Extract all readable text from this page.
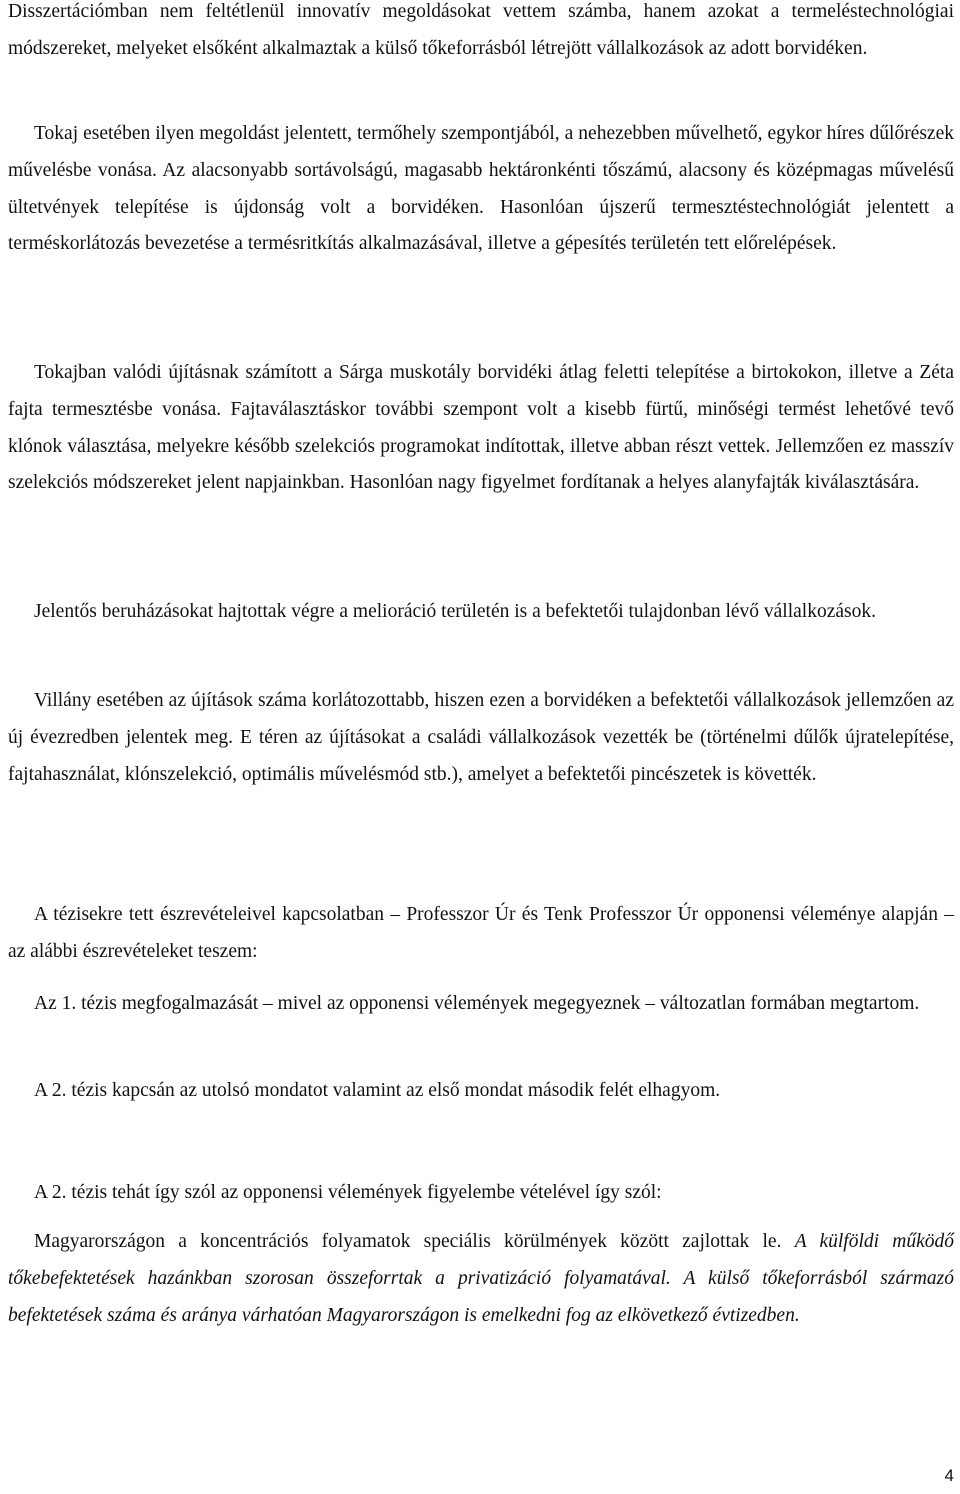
Disszertációmban nem feltétlenül innovatív megoldásokat vettem számba, hanem azokat a termeléstechnológiai módszereket, melyeket elsőként alkalmaztak a külső tőkeforrásból létrejött vállalkozások az adott borvidéken.

Tokaj esetében ilyen megoldást jelentett, termőhely szempontjából, a nehezebben művelhető, egykor híres dűlőrészek művelésbe vonása. Az alacsonyabb sortávolságú, magasabb hektáronkénti tőszámú, alacsony és középmagas művelésű ültetvények telepítése is újdonság volt a borvidéken. Hasonlóan újszerű termesztéstechnológiát jelentett a terméskorlátozás bevezetése a termésritkítás alkalmazásával, illetve a gépesítés területén tett előrelépések.

Tokajban valódi újításnak számított a Sárga muskotály borvidéki átlag feletti telepítése a birtokokon, illetve a Zéta fajta termesztésbe vonása. Fajtaválasztáskor további szempont volt a kisebb fürtű, minőségi termést lehetővé tevő klónok választása, melyekre később szelekciós programokat indítottak, illetve abban részt vettek. Jellemzően ez masszív szelekciós módszereket jelent napjainkban. Hasonlóan nagy figyelmet fordítanak a helyes alanyfajták kiválasztására.

Jelentős beruházásokat hajtottak végre a melioráció területén is a befektetői tulajdonban lévő vállalkozások.

Villány esetében az újítások száma korlátozottabb, hiszen ezen a borvidéken a befektetői vállalkozások jellemzően az új évezredben jelentek meg. E téren az újításokat a családi vállalkozások vezették be (történelmi dűlők újratelepítése, fajtahasználat, klónszelekció, optimális művelésmód stb.), amelyet a befektetői pincészetek is követték.

A tézisekre tett észrevételeivel kapcsolatban – Professzor Úr és Tenk Professzor Úr opponensi véleménye alapján – az alábbi észrevételeket teszem:

Az 1. tézis megfogalmazását – mivel az opponensi vélemények megegyeznek – változatlan formában megtartom.

A 2. tézis kapcsán az utolsó mondatot valamint az első mondat második felét elhagyom.

A 2. tézis tehát így szól az opponensi vélemények figyelembe vételével így szól:

Magyarországon a koncentrációs folyamatok speciális körülmények között zajlottak le. A külföldi működő tőkebefektetések hazánkban szorosan összeforrtak a privatizáció folyamatával. A külső tőkeforrásból származó befektetések száma és aránya várhatóan Magyarországon is emelkedni fog az elkövetkező évtizedben.

4
